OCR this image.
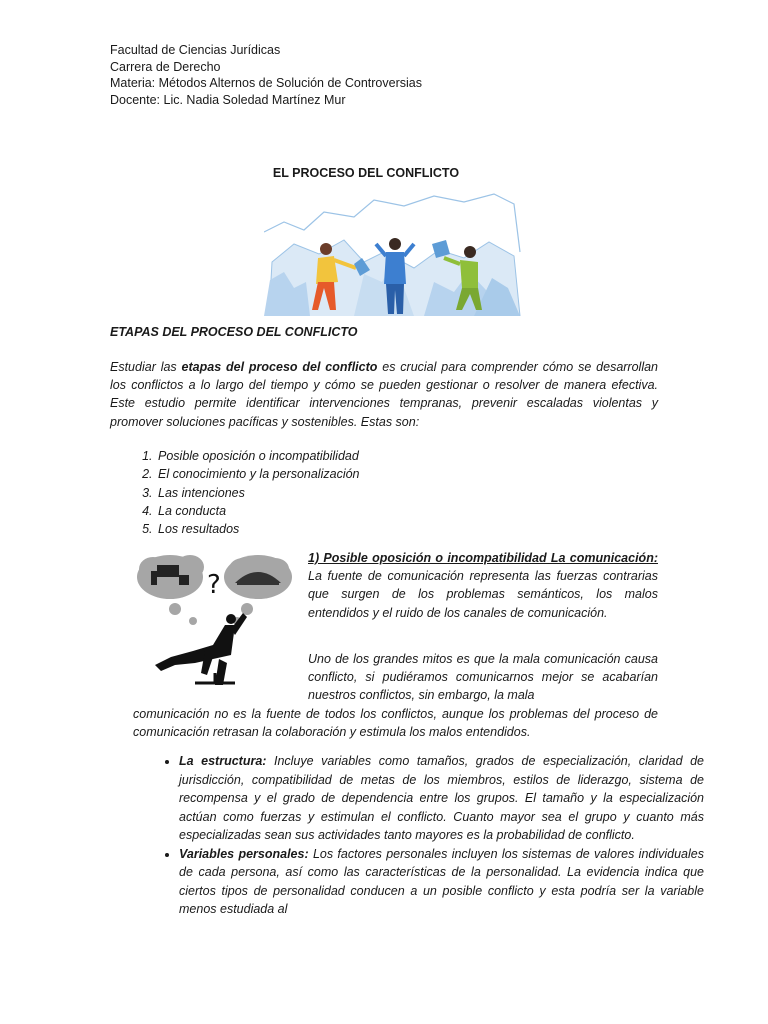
Facultad de Ciencias Jurídicas
Carrera de Derecho
Materia: Métodos Alternos de Solución de Controversias
Docente: Lic. Nadia Soledad Martínez Mur
EL PROCESO DEL CONFLICTO
ETAPAS DEL PROCESO DEL CONFLICTO
Estudiar las etapas del proceso del conflicto es crucial para comprender cómo se desarrollan los conflictos a lo largo del tiempo y cómo se pueden gestionar o resolver de manera efectiva. Este estudio permite identificar intervenciones tempranas, prevenir escaladas violentas y promover soluciones pacíficas y sostenibles. Estas son:
1. Posible oposición o incompatibilidad
2. El conocimiento y la personalización
3. Las intenciones
4. La conducta
5. Los resultados
?
1) Posible oposición o incompatibilidad La comunicación: La fuente de comunicación representa las fuerzas contrarias que surgen de los problemas semánticos, los malos entendidos y el ruido de los canales de comunicación.
Uno de los grandes mitos es que la mala comunicación causa conflicto, si pudiéramos comunicarnos mejor se acabarían nuestros conflictos, sin embargo, la mala
comunicación no es la fuente de todos los conflictos, aunque los problemas del proceso de comunicación retrasan la colaboración y estimula los malos entendidos.
• La estructura: Incluye variables como tamaños, grados de especialización, claridad de jurisdicción, compatibilidad de metas de los miembros, estilos de liderazgo, sistema de recompensa y el grado de dependencia entre los grupos. El tamaño y la especialización actúan como fuerzas y estimulan el conflicto. Cuanto mayor sea el grupo y cuanto más especializadas sean sus actividades tanto mayores es la probabilidad de conflicto.
• Variables personales: Los factores personales incluyen los sistemas de valores individuales de cada persona, así como las características de la personalidad. La evidencia indica que ciertos tipos de personalidad conducen a un posible conflicto y esta podría ser la variable menos estudiada al
